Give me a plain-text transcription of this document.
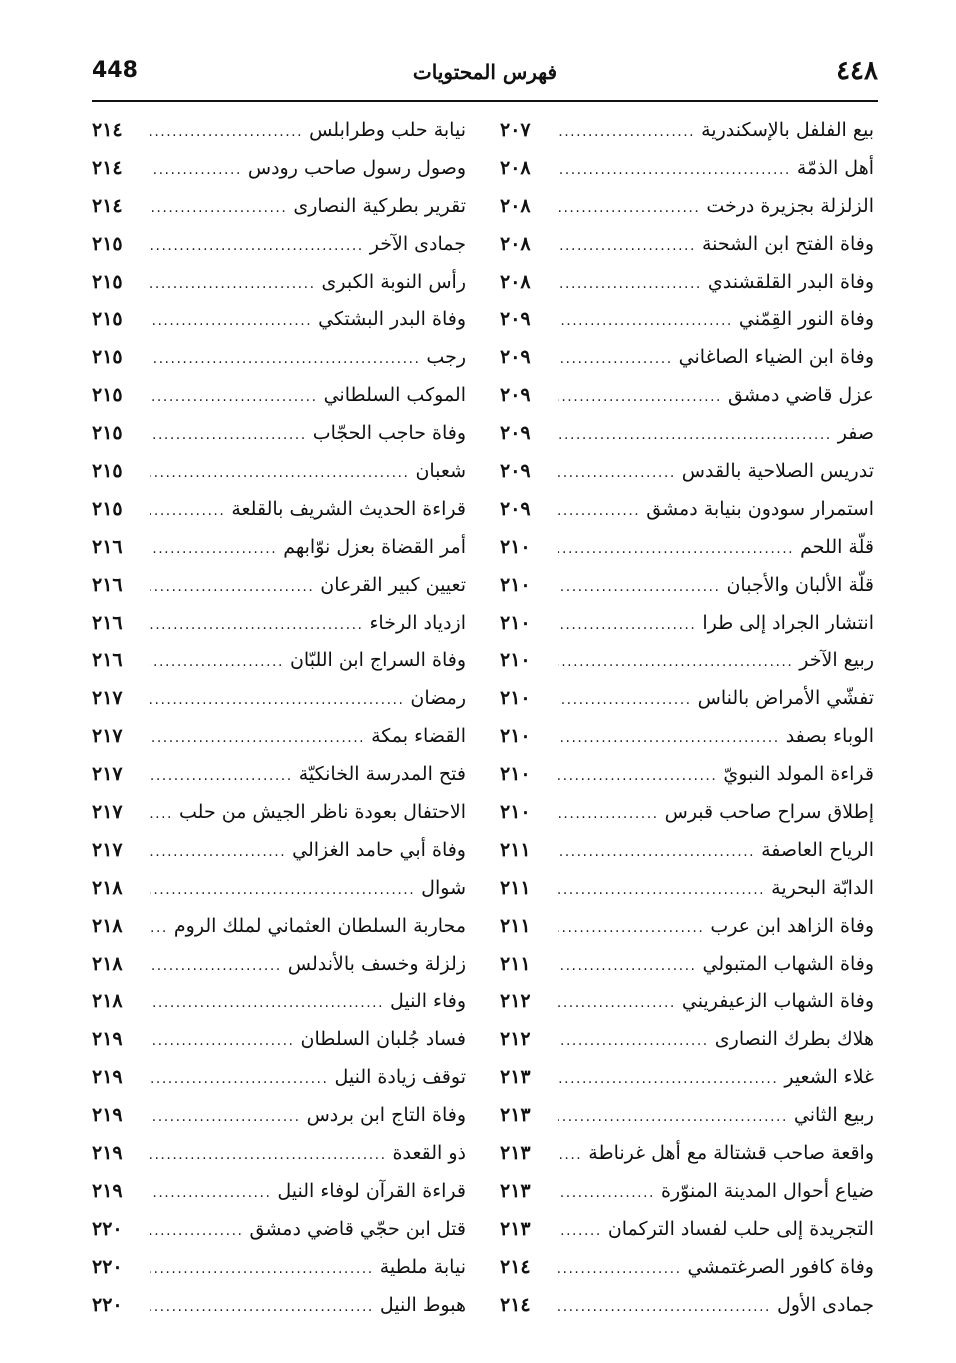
448	فهرس المحتويات	٤٤٨
بيع الفلفل بالإسكندرية
.....
٢٠٧
أهل الذمّة
.....
٢٠٨
الزلزلة بجزيرة درخت
.....
٢٠٨
وفاة الفتح ابن الشحنة
.....
٢٠٨
وفاة البدر القلقشندي
.....
٢٠٨
وفاة النور القِمّني
.....
٢٠٩
وفاة ابن الضياء الصاغاني
.....
٢٠٩
عزل قاضي دمشق
.....
٢٠٩
صفر
.....
٢٠٩
تدريس الصلاحية بالقدس
.....
٢٠٩
استمرار سودون بنيابة دمشق
.....
٢٠٩
قلّة اللحم
.....
٢١٠
قلّة الألبان والأجبان
.....
٢١٠
انتشار الجراد إلى طرا
.....
٢١٠
ربيع الآخر
.....
٢١٠
تفشّي الأمراض بالناس
.....
٢١٠
الوباء بصفد
.....
٢١٠
قراءة المولد النبويّ
.....
٢١٠
إطلاق سراح صاحب قبرس
.....
٢١٠
الرياح العاصفة
.....
٢١١
الدابّة البحرية
.....
٢١١
وفاة الزاهد ابن عرب
.....
٢١١
وفاة الشهاب المتبولي
.....
٢١١
وفاة الشهاب الزعيفريني
.....
٢١٢
هلاك بطرك النصارى
.....
٢١٢
غلاء الشعير
.....
٢١٣
ربيع الثاني
.....
٢١٣
واقعة صاحب قشتالة مع أهل غرناطة
.....
٢١٣
ضياع أحوال المدينة المنوّرة
.....
٢١٣
التجريدة إلى حلب لفساد التركمان
.....
٢١٣
وفاة كافور الصرغتمشي
.....
٢١٤
جمادى الأول
.....
٢١٤
نيابة حلب وطرابلس
.....
٢١٤
وصول رسول صاحب رودس
.....
٢١٤
تقرير بطركية النصارى
.....
٢١٤
جمادى الآخر
.....
٢١٥
رأس النوبة الكبرى
.....
٢١٥
وفاة البدر البشتكي
.....
٢١٥
رجب
.....
٢١٥
الموكب السلطاني
.....
٢١٥
وفاة حاجب الحجّاب
.....
٢١٥
شعبان
.....
٢١٥
قراءة الحديث الشريف بالقلعة
.....
٢١٥
أمر القضاة بعزل نوّابهم
.....
٢١٦
تعيين كبير القرعان
.....
٢١٦
ازدياد الرخاء
.....
٢١٦
وفاة السراج ابن اللبّان
.....
٢١٦
رمضان
.....
٢١٧
القضاء بمكة
.....
٢١٧
فتح المدرسة الخانكيّة
.....
٢١٧
الاحتفال بعودة ناظر الجيش من حلب
.....
٢١٧
وفاة أبي حامد الغزالي
.....
٢١٧
شوال
.....
٢١٨
محاربة السلطان العثماني لملك الروم
.....
٢١٨
زلزلة وخسف بالأندلس
.....
٢١٨
وفاء النيل
.....
٢١٨
فساد جُلبان السلطان
.....
٢١٩
توقف زيادة النيل
.....
٢١٩
وفاة التاج ابن بردس
.....
٢١٩
ذو القعدة
.....
٢١٩
قراءة القرآن لوفاء النيل
.....
٢١٩
قتل ابن حجّي قاضي دمشق
.....
٢٢٠
نيابة ملطية
.....
٢٢٠
هبوط النيل
.....
٢٢٠
